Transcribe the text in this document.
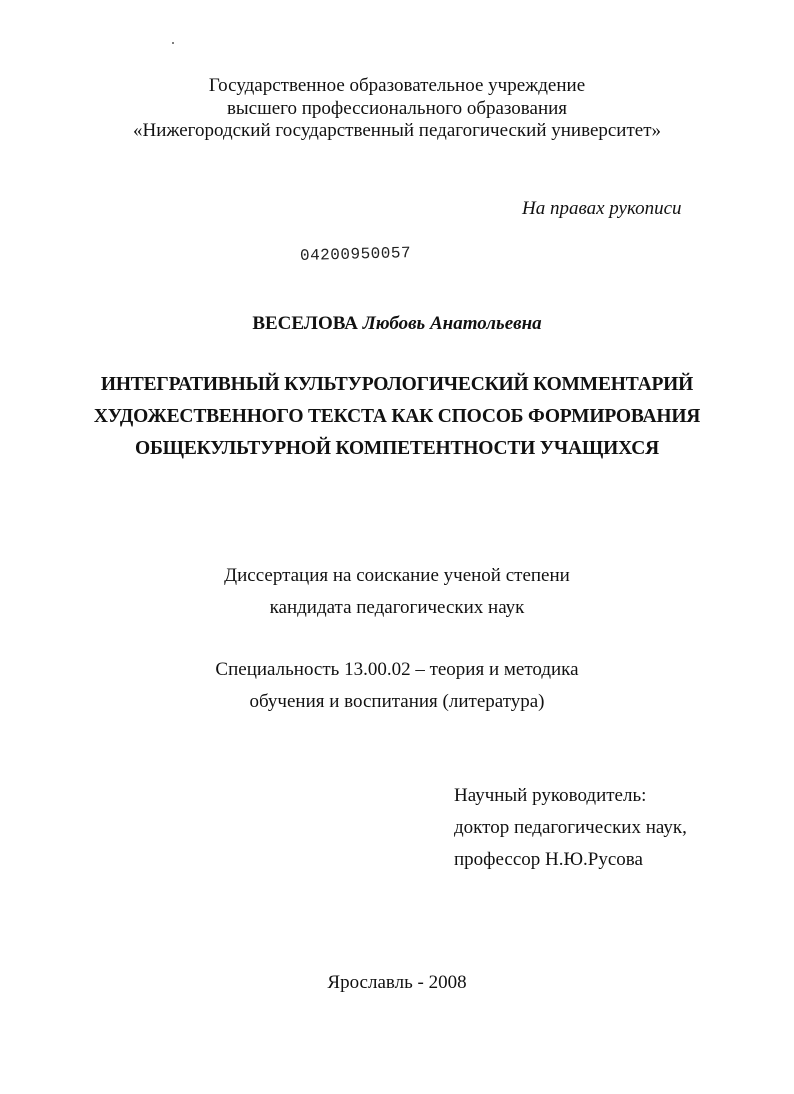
Государственное образовательное учреждение
высшего профессионального образования
«Нижегородский государственный педагогический университет»
На правах рукописи
04200950057
ВЕСЕЛОВА Любовь Анатольевна
ИНТЕГРАТИВНЫЙ КУЛЬТУРОЛОГИЧЕСКИЙ КОММЕНТАРИЙ
ХУДОЖЕСТВЕННОГО ТЕКСТА КАК СПОСОБ ФОРМИРОВАНИЯ
ОБЩЕКУЛЬТУРНОЙ КОМПЕТЕНТНОСТИ УЧАЩИХСЯ
Диссертация на соискание ученой степени
кандидата педагогических наук
Специальность 13.00.02 – теория и методика
обучения и воспитания (литература)
Научный руководитель:
доктор педагогических наук,
профессор Н.Ю.Русова
Ярославль - 2008
